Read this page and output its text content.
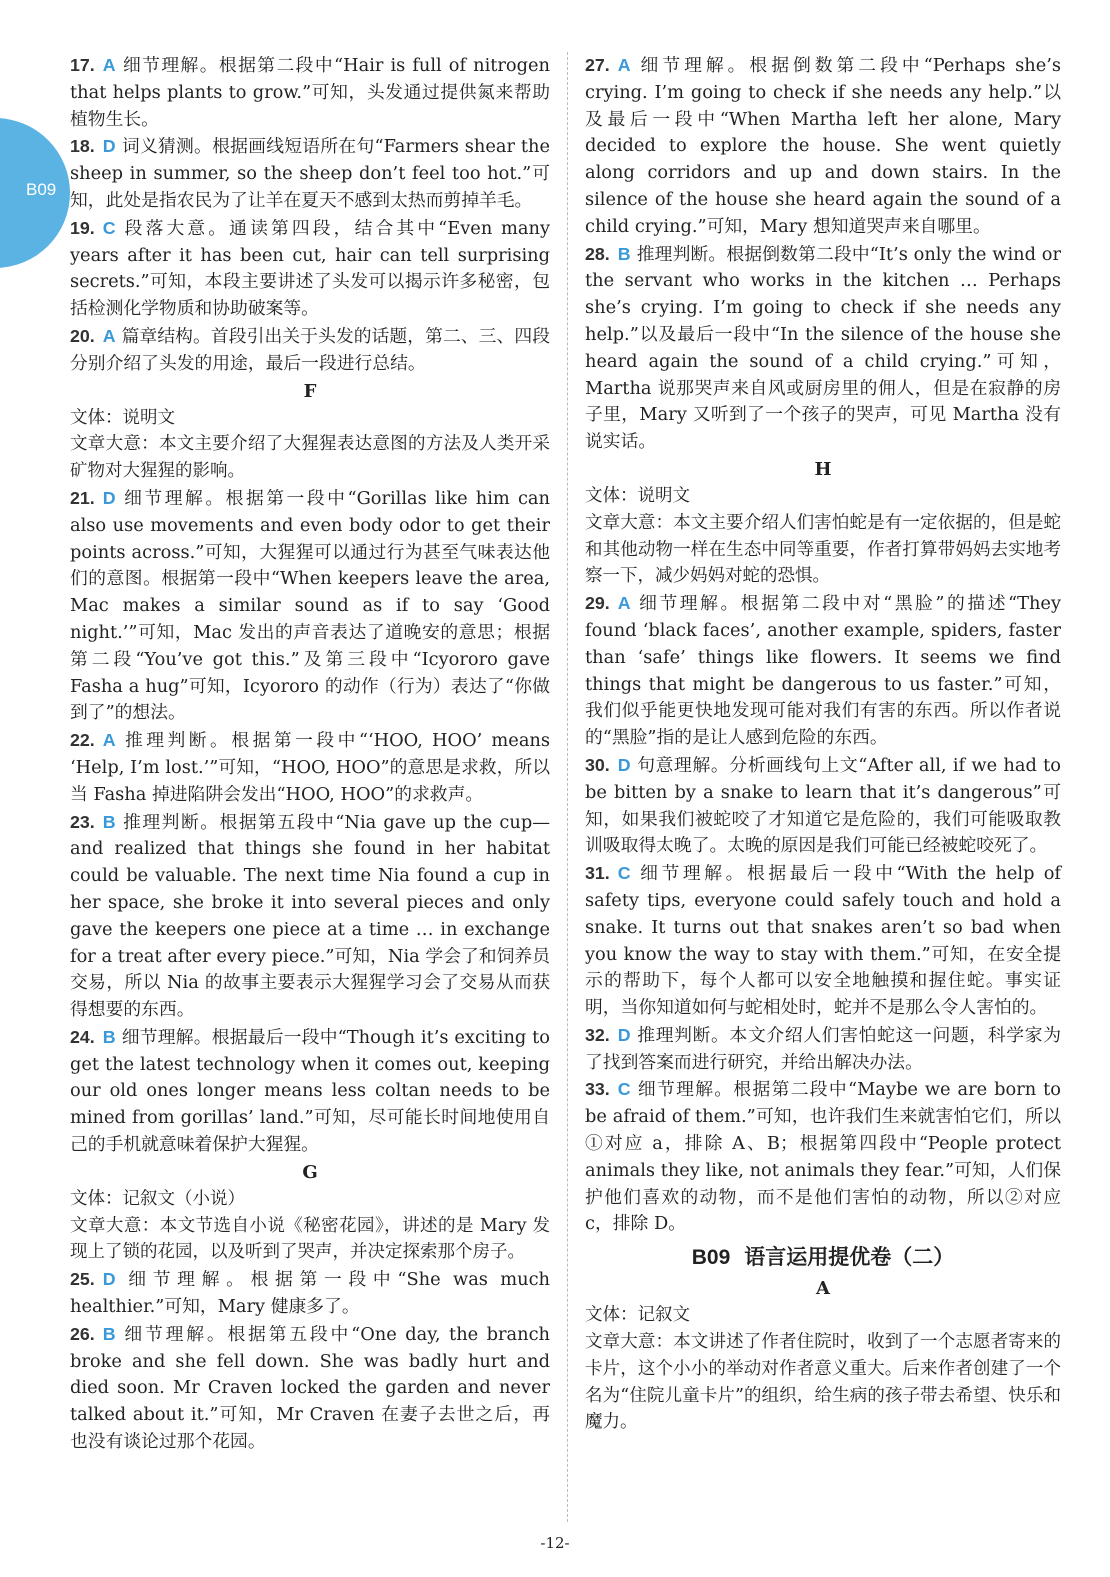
B09
17. A 细节理解。根据第二段中“Hair is full of nitrogen that helps plants to grow.”可知，头发通过提供氮来帮助植物生长。
18. D 词义猜测。根据画线短语所在句“Farmers shear the sheep in summer, so the sheep don’t feel too hot.”可知，此处是指农民为了让羊在夏天不感到太热而剪掉羊毛。
19. C 段落大意。通读第四段，结合其中“Even many years after it has been cut, hair can tell surprising secrets.”可知，本段主要讲述了头发可以揭示许多秘密，包括检测化学物质和协助破案等。
20. A 篇章结构。首段引出关于头发的话题，第二、三、四段分别介绍了头发的用途，最后一段进行总结。
F
文体：说明文
文章大意：本文主要介绍了大猩猩表达意图的方法及人类开采矿物对大猩猩的影响。
21. D 细节理解。根据第一段中“Gorillas like him can also use movements and even body odor to get their points across.”可知，大猩猩可以通过行为甚至气味表达他们的意图。根据第一段中“When keepers leave the area, Mac makes a similar sound as if to say ‘Good night.’”可知，Mac 发出的声音表达了道晚安的意思；根据第二段“You’ve got this.”及第三段中“Icyororo gave Fasha a hug”可知，Icyororo 的动作（行为）表达了“你做到了”的想法。
22. A 推理判断。根据第一段中“‘HOO, HOO’ means ‘Help, I’m lost.’”可知，“HOO, HOO”的意思是求救，所以当 Fasha 掉进陷阱会发出“HOO, HOO”的求救声。
23. B 推理判断。根据第五段中“Nia gave up the cup—and realized that things she found in her habitat could be valuable. The next time Nia found a cup in her space, she broke it into several pieces and only gave the keepers one piece at a time … in exchange for a treat after every piece.”可知，Nia 学会了和饲养员交易，所以 Nia 的故事主要表示大猩猩学习会了交易从而获得想要的东西。
24. B 细节理解。根据最后一段中“Though it’s exciting to get the latest technology when it comes out, keeping our old ones longer means less coltan needs to be mined from gorillas’ land.”可知，尽可能长时间地使用自己的手机就意味着保护大猩猩。
G
文体：记叙文（小说）
文章大意：本文节选自小说《秘密花园》，讲述的是 Mary 发现上了锁的花园，以及听到了哭声，并决定探索那个房子。
25. D 细节理解。根据第一段中“She was much healthier.”可知，Mary 健康多了。
26. B 细节理解。根据第五段中“One day, the branch broke and she fell down. She was badly hurt and died soon. Mr Craven locked the garden and never talked about it.”可知，Mr Craven 在妻子去世之后，再也没有谈论过那个花园。
27. A 细节理解。根据倒数第二段中“Perhaps she’s crying. I’m going to check if she needs any help.”以及最后一段中“When Martha left her alone, Mary decided to explore the house. She went quietly along corridors and up and down stairs. In the silence of the house she heard again the sound of a child crying.”可知，Mary 想知道哭声来自哪里。
28. B 推理判断。根据倒数第二段中“It’s only the wind or the servant who works in the kitchen … Perhaps she’s crying. I’m going to check if she needs any help.”以及最后一段中“In the silence of the house she heard again the sound of a child crying.”可知，Martha 说那哭声来自风或厨房里的佣人，但是在寂静的房子里，Mary 又听到了一个孩子的哭声，可见 Martha 没有说实话。
H
文体：说明文
文章大意：本文主要介绍人们害怕蛇是有一定依据的，但是蛇和其他动物一样在生态中同等重要，作者打算带妈妈去实地考察一下，减少妈妈对蛇的恐惧。
29. A 细节理解。根据第二段中对“黑脸”的描述“They found ‘black faces’, another example, spiders, faster than ‘safe’ things like flowers. It seems we find things that might be dangerous to us faster.”可知，我们似乎能更快地发现可能对我们有害的东西。所以作者说的“黑脸”指的是让人感到危险的东西。
30. D 句意理解。分析画线句上文“After all, if we had to be bitten by a snake to learn that it’s dangerous”可知，如果我们被蛇咬了才知道它是危险的，我们可能吸取教训吸取得太晚了。太晚的原因是我们可能已经被蛇咬死了。
31. C 细节理解。根据最后一段中“With the help of safety tips, everyone could safely touch and hold a snake. It turns out that snakes aren’t so bad when you know the way to stay with them.”可知，在安全提示的帮助下，每个人都可以安全地触摸和握住蛇。事实证明，当你知道如何与蛇相处时，蛇并不是那么令人害怕的。
32. D 推理判断。本文介绍人们害怕蛇这一问题，科学家为了找到答案而进行研究，并给出解决办法。
33. C 细节理解。根据第二段中“Maybe we are born to be afraid of them.”可知，也许我们生来就害怕它们，所以①对应 a，排除 A、B；根据第四段中“People protect animals they like, not animals they fear.”可知，人们保护他们喜欢的动物，而不是他们害怕的动物，所以②对应 c，排除 D。
B09 语言运用提优卷（二）
A
文体：记叙文
文章大意：本文讲述了作者住院时，收到了一个志愿者寄来的卡片，这个小小的举动对作者意义重大。后来作者创建了一个名为“住院儿童卡片”的组织，给生病的孩子带去希望、快乐和魔力。
-12-
